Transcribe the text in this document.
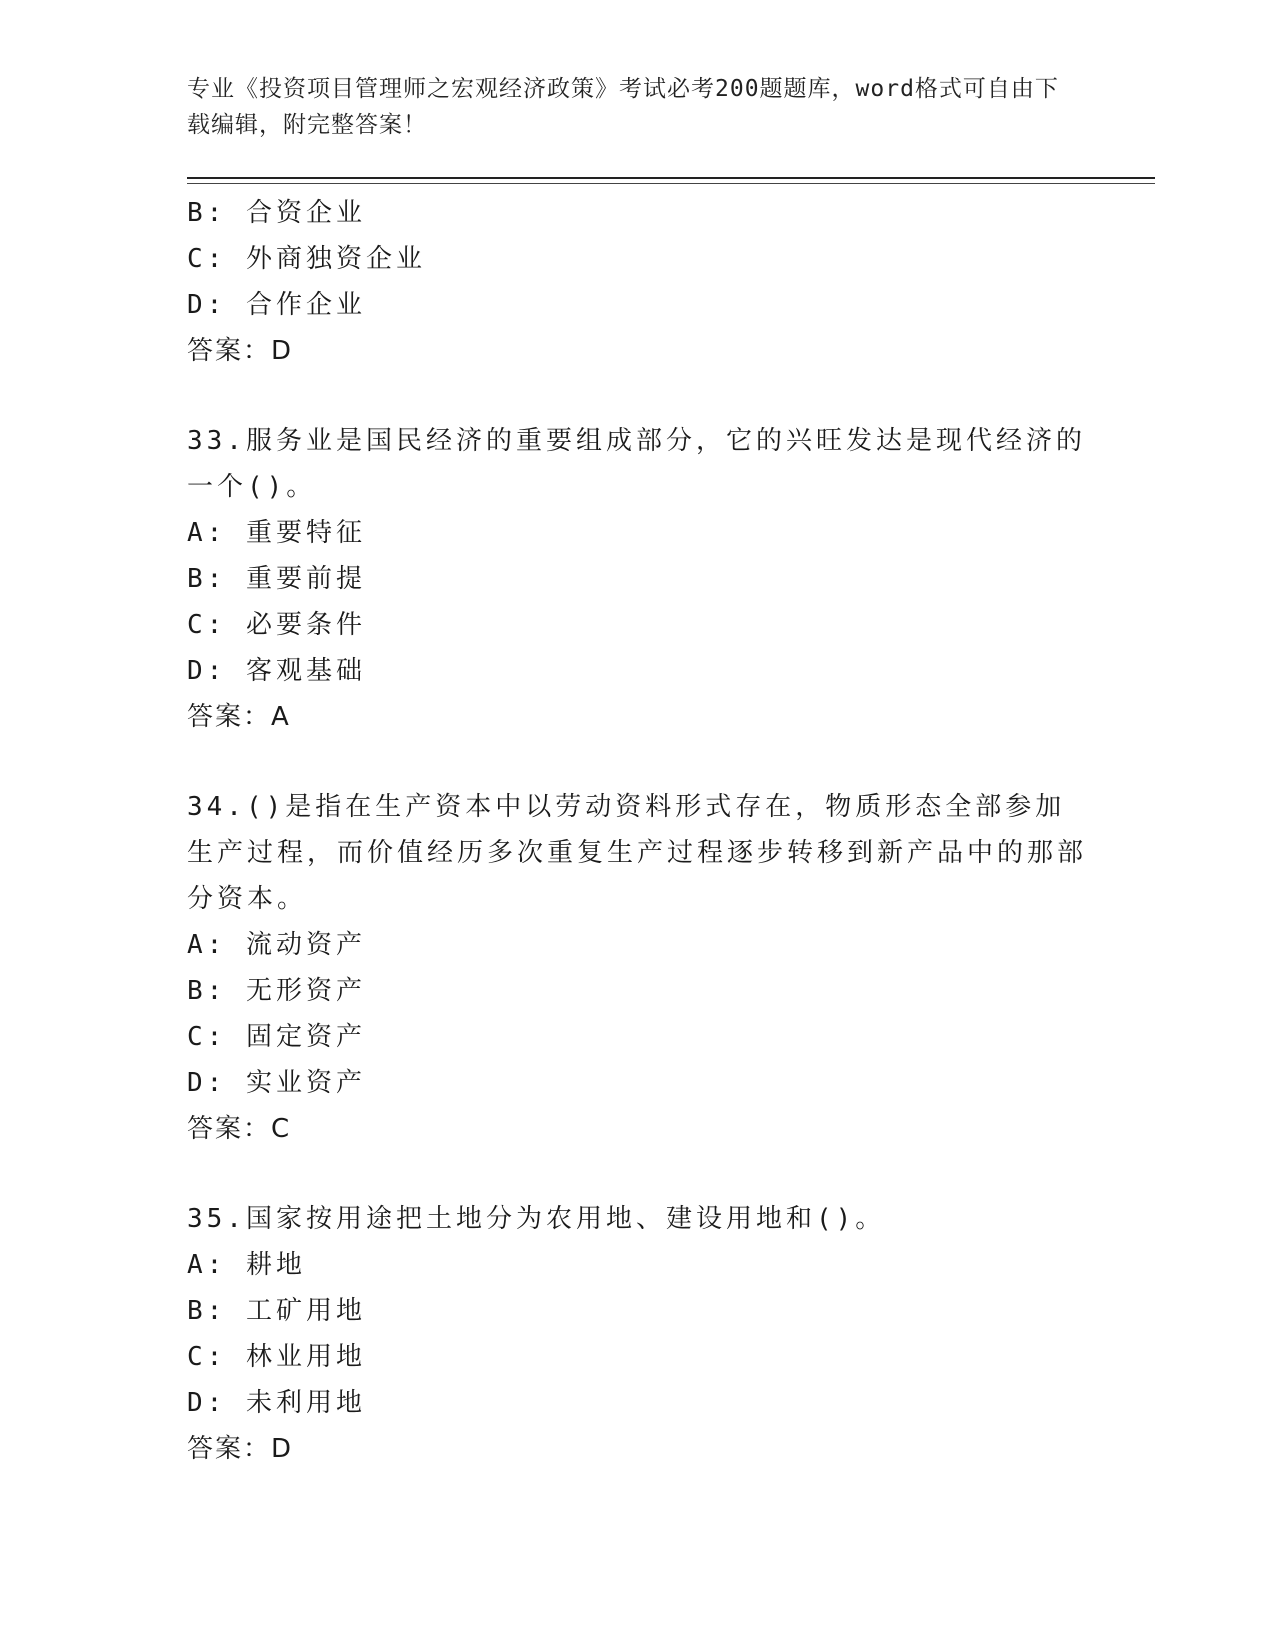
专业《投资项目管理师之宏观经济政策》考试必考200题题库，word格式可自由下载编辑，附完整答案！
B: 合资企业
C: 外商独资企业
D: 合作企业
答案：D
33.服务业是国民经济的重要组成部分，它的兴旺发达是现代经济的一个()。
A: 重要特征
B: 重要前提
C: 必要条件
D: 客观基础
答案：A
34.()是指在生产资本中以劳动资料形式存在，物质形态全部参加生产过程，而价值经历多次重复生产过程逐步转移到新产品中的那部分资本。
A: 流动资产
B: 无形资产
C: 固定资产
D: 实业资产
答案：C
35.国家按用途把土地分为农用地、建设用地和()。
A: 耕地
B: 工矿用地
C: 林业用地
D: 未利用地
答案：D
